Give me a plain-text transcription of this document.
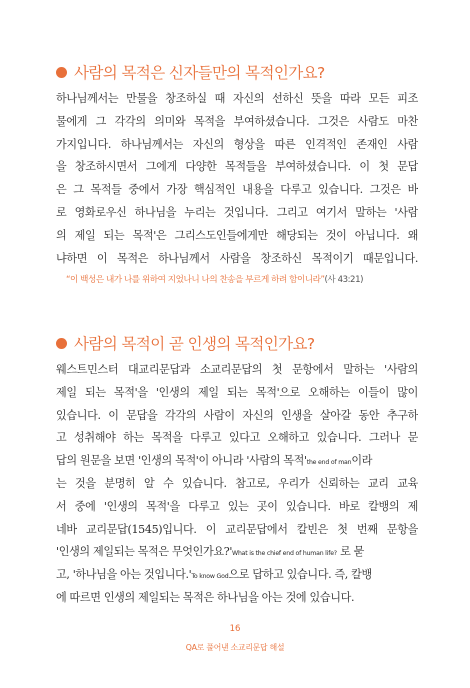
사람의 목적은 신자들만의 목적인가요?
하나님께서는 만물을 창조하실 때 자신의 선하신 뜻을 따라 모든 피조
물에게 그 각각의 의미와 목적을 부여하셨습니다. 그것은 사람도 마찬
가지입니다. 하나님께서는 자신의 형상을 따른 인격적인 존재인 사람
을 창조하시면서 그에게 다양한 목적들을 부여하셨습니다. 이 첫 문답
은 그 목적들 중에서 가장 핵심적인 내용을 다루고 있습니다. 그것은 바
로 영화로우신 하나님을 누리는 것입니다. 그리고 여기서 말하는 '사람
의 제일 되는 목적'은 그리스도인들에게만 해당되는 것이 아닙니다. 왜
냐하면 이 목적은 하나님께서 사람을 창조하신 목적이기 때문입니다.
“이 백성은 내가 나를 위하여 지었나니 나의 찬송을 부르게 하려 함이니라”(사 43:21)
사람의 목적이 곧 인생의 목적인가요?
웨스트민스터 대교리문답과 소교리문답의 첫 문항에서 말하는 '사람의
제일 되는 목적'을 '인생의 제일 되는 목적'으로 오해하는 이들이 많이
있습니다. 이 문답을 각각의 사람이 자신의 인생을 살아갈 동안 추구하
고 성취해야 하는 목적을 다루고 있다고 오해하고 있습니다. 그러나 문
답의 원문을 보면 '인생의 목적'이 아니라 '사람의 목적'the end of man이라
는 것을 분명히 알 수 있습니다. 참고로, 우리가 신뢰하는 교리 교육
서 중에 '인생의 목적'을 다루고 있는 곳이 있습니다. 바로 칼뱅의 제
네바 교리문답(1545)입니다. 이 교리문답에서 칼빈은 첫 번째 문항을
'인생의 제일되는 목적은 무엇인가요?'What is the chief end of human life? 로 묻
고, '하나님을 아는 것입니다.'To know God으로 답하고 있습니다. 즉, 칼뱅
에 따르면 인생의 제일되는 목적은 하나님을 아는 것에 있습니다.
16
QA로 풀어낸 소교리문답 해설
